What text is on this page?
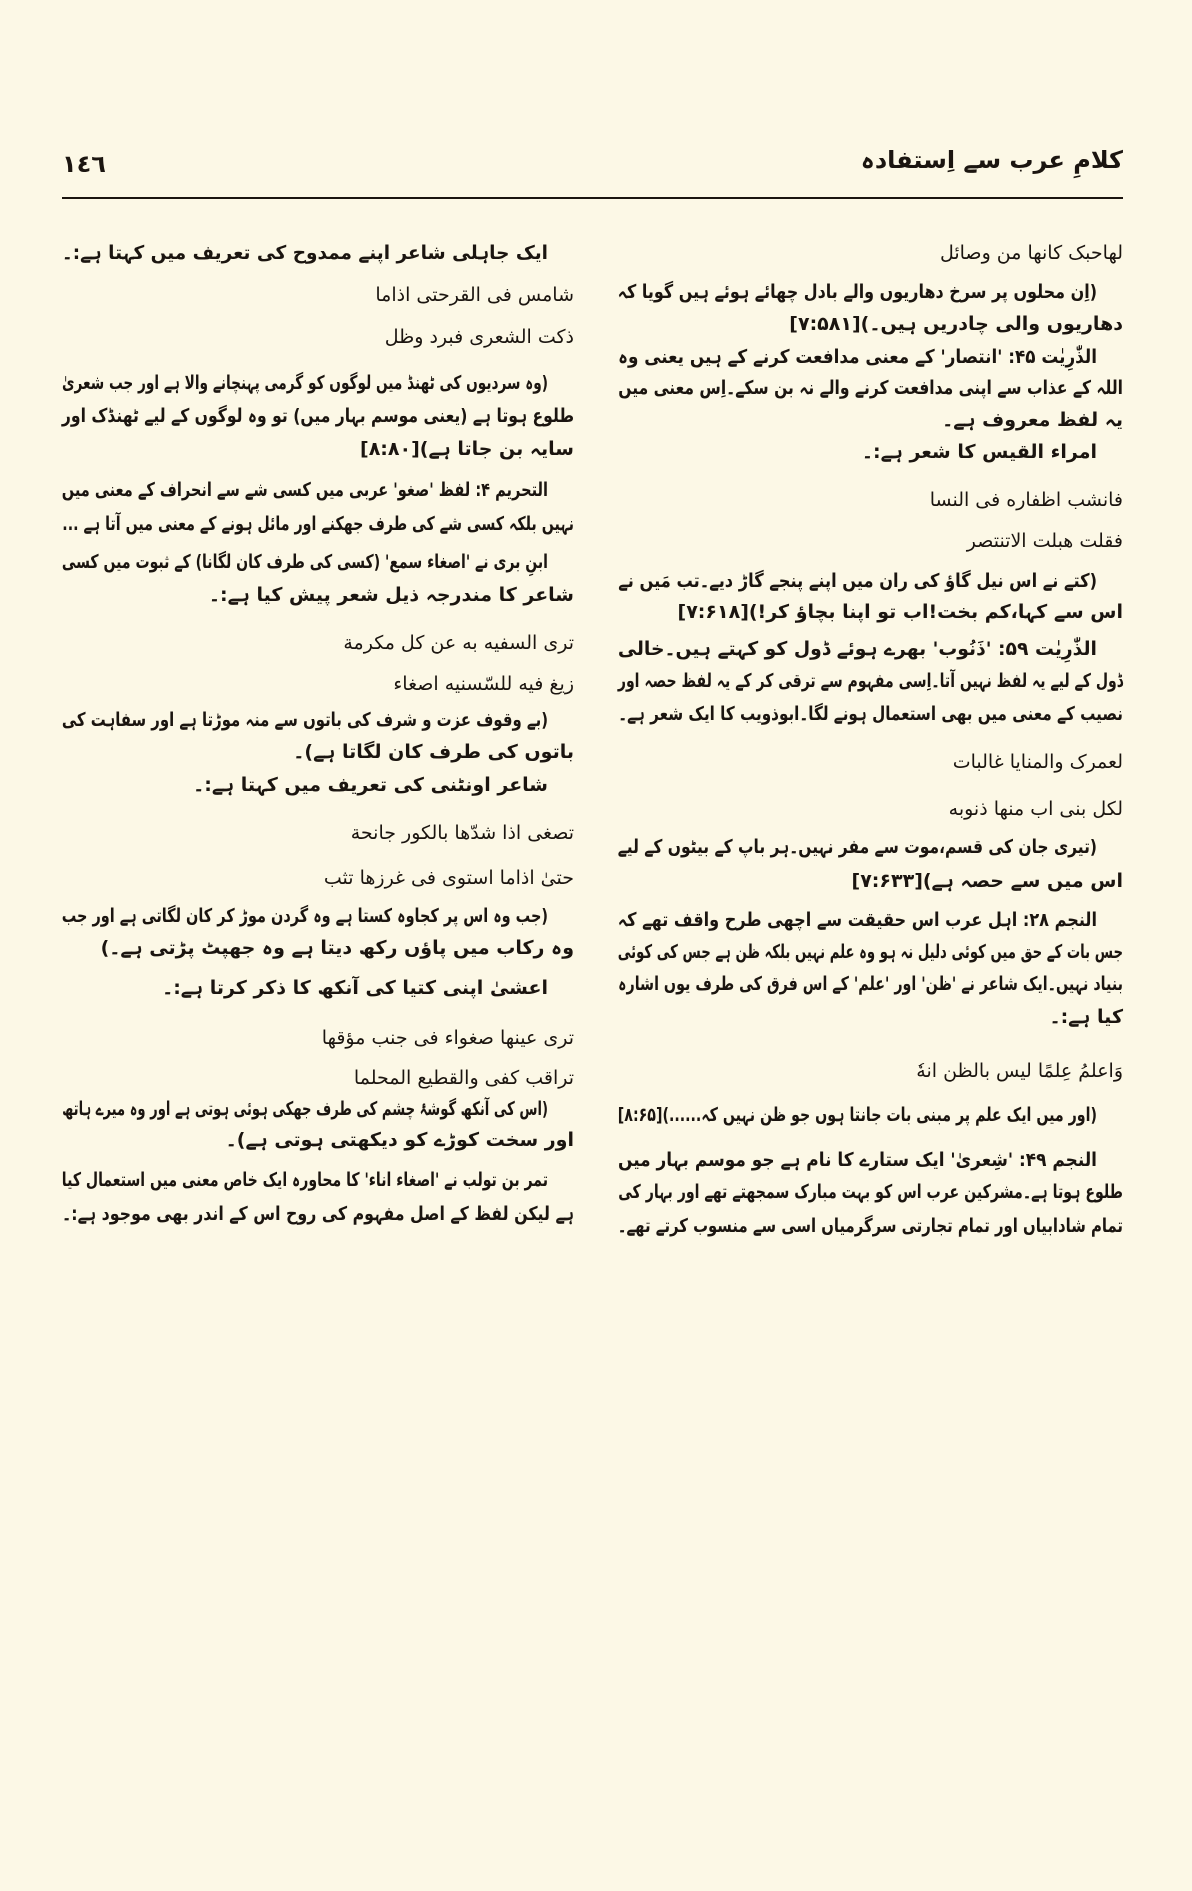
کلامِ عرب سے اِستفادہ
١٤٦
لهاحبک کانها من وصائل
(اِن محلوں پر سرخ دھاریوں والے بادل چھائے ہوئے ہیں گویا کہ
دھاریوں والی چادریں ہیں۔)[۷:۵۸۱]
الذّٰرِیٰت ۴۵: 'انتصار' کے معنی مدافعت کرنے کے ہیں یعنی وہ
اللہ کے عذاب سے اپنی مدافعت کرنے والے نہ بن سکے۔اِس معنی میں
یہ لفظ معروف ہے۔
امراء القیس کا شعر ہے:۔
فانشب اظفاره فی النسا
فقلت هبلت الاتنتصر
(کتے نے اس نیل گاؤ کی ران میں اپنے پنجے گاڑ دیے۔تب مَیں نے
اس سے کہا،کم بخت!اب تو اپنا بچاؤ کر!)[۷:۶۱۸]
الذّٰرِیٰت ۵۹: 'ذَنُوب' بھرے ہوئے ڈول کو کہتے ہیں۔خالی
ڈول کے لیے یہ لفظ نہیں آتا۔اِسی مفہوم سے ترقی کر کے یہ لفظ حصہ اور
نصیب کے معنی میں بھی استعمال ہونے لگا۔ابوذویب کا ایک شعر ہے۔
لعمرک والمنایا غالبات
لکل بنی اب منها ذنوبه
(تیری جان کی قسم،موت سے مفر نہیں۔ہر باپ کے بیٹوں کے لیے
اس میں سے حصہ ہے)[۷:۶۳۳]
النجم ۲۸: اہل عرب اس حقیقت سے اچھی طرح واقف تھے کہ
جس بات کے حق میں کوئی دلیل نہ ہو وہ علم نہیں بلکہ ظن ہے جس کی کوئی
بنیاد نہیں۔ایک شاعر نے 'ظن' اور 'علم' کے اس فرق کی طرف یوں اشارہ
کیا ہے:۔
وَاعلمُ عِلمًا لیس بالظن انهٗ
(اور میں ایک علم پر مبنی بات جانتا ہوں جو ظن نہیں کہ......)[۸:۶۵]
النجم ۴۹: 'شِعریٰ' ایک ستارے کا نام ہے جو موسم بہار میں
طلوع ہوتا ہے۔مشرکین عرب اس کو بہت مبارک سمجھتے تھے اور بہار کی
تمام شادابیاں اور تمام تجارتی سرگرمیاں اسی سے منسوب کرتے تھے۔
ایک جاہلی شاعر اپنے ممدوح کی تعریف میں کہتا ہے:۔
شامس فی القرحتی اذاما
ذکت الشعری فبرد وظل
(وہ سردیوں کی ٹھنڈ میں لوگوں کو گرمی پہنچانے والا ہے اور جب شعریٰ
طلوع ہوتا ہے (یعنی موسم بہار میں) تو وہ لوگوں کے لیے ٹھنڈک اور
سایہ بن جاتا ہے)[۸:۸۰]
التحریم ۴: لفظ 'صغو' عربی میں کسی شے سے انحراف کے معنی میں
نہیں بلکہ کسی شے کی طرف جھکنے اور مائل ہونے کے معنی میں آتا ہے ...
ابنِ بری نے 'اصغاء سمع' (کسی کی طرف کان لگانا) کے ثبوت میں کسی
شاعر کا مندرجہ ذیل شعر پیش کیا ہے:۔
تری السفیه به عن کل مکرمة
زیغ فیه للسّسنیه اصغاء
(بے وقوف عزت و شرف کی باتوں سے منہ موڑتا ہے اور سفاہت کی
باتوں کی طرف کان لگاتا ہے)۔
شاعر اونٹنی کی تعریف میں کہتا ہے:۔
تصغی اذا شدّها بالکور جانحة
حتیٰ اذاما استوی فی غرزها تثب
(جب وہ اس پر کجاوہ کستا ہے وہ گردن موڑ کر کان لگاتی ہے اور جب
وہ رکاب میں پاؤں رکھ دیتا ہے وہ جھپٹ پڑتی ہے۔)
اعشیٰ اپنی کتیا کی آنکھ کا ذکر کرتا ہے:۔
تری عینها صغواء فی جنب مؤقها
تراقب کفی والقطیع المحلما
(اس کی آنکھ گوشۂ چشم کی طرف جھکی ہوئی ہوتی ہے اور وہ میرے ہاتھ
اور سخت کوڑے کو دیکھتی ہوتی ہے)۔
تمر بن تولب نے 'اصغاء اناء' کا محاورہ ایک خاص معنی میں استعمال کیا
ہے لیکن لفظ کے اصل مفہوم کی روح اس کے اندر بھی موجود ہے:۔
